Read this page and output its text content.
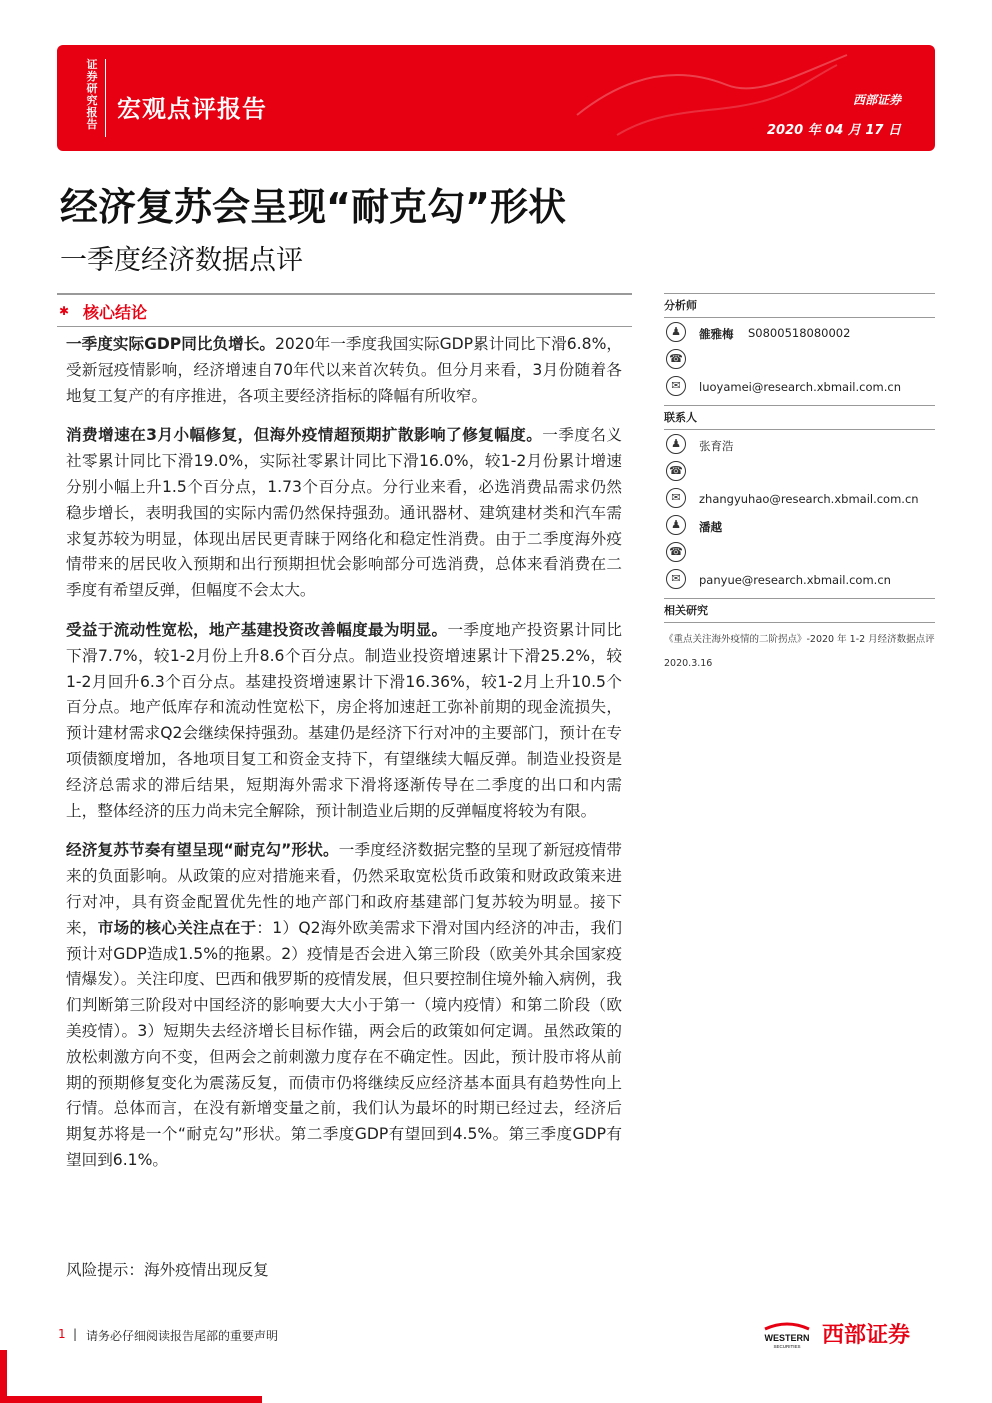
证券研究报告
宏观点评报告	西部证券
2020 年 04 月 17 日
经济复苏会呈现“耐克勾”形状
一季度经济数据点评
✱ 核心结论

一季度实际GDP同比负增长。2020年一季度我国实际GDP累计同比下滑6.8%，受新冠疫情影响，经济增速自70年代以来首次转负。但分月来看，3月份随着各地复工复产的有序推进，各项主要经济指标的降幅有所收窄。

消费增速在3月小幅修复，但海外疫情超预期扩散影响了修复幅度。一季度名义社零累计同比下滑19.0%，实际社零累计同比下滑16.0%，较1-2月份累计增速分别小幅上升1.5个百分点，1.73个百分点。分行业来看，必选消费品需求仍然稳步增长，表明我国的实际内需仍然保持强劲。通讯器材、建筑建材类和汽车需求复苏较为明显，体现出居民更青睐于网络化和稳定性消费。由于二季度海外疫情带来的居民收入预期和出行预期担忧会影响部分可选消费，总体来看消费在二季度有希望反弹，但幅度不会太大。

受益于流动性宽松，地产基建投资改善幅度最为明显。一季度地产投资累计同比下滑7.7%，较1-2月份上升8.6个百分点。制造业投资增速累计下滑25.2%，较1-2月回升6.3个百分点。基建投资增速累计下滑16.36%，较1-2月上升10.5个百分点。地产低库存和流动性宽松下，房企将加速赶工弥补前期的现金流损失，预计建材需求Q2会继续保持强劲。基建仍是经济下行对冲的主要部门，预计在专项债额度增加，各地项目复工和资金支持下，有望继续大幅反弹。制造业投资是经济总需求的滞后结果，短期海外需求下滑将逐渐传导在二季度的出口和内需上，整体经济的压力尚未完全解除，预计制造业后期的反弹幅度将较为有限。

经济复苏节奏有望呈现“耐克勾”形状。一季度经济数据完整的呈现了新冠疫情带来的负面影响。从政策的应对措施来看，仍然采取宽松货币政策和财政政策来进行对冲，具有资金配置优先性的地产部门和政府基建部门复苏较为明显。接下来，市场的核心关注点在于：1）Q2海外欧美需求下滑对国内经济的冲击，我们预计对GDP造成1.5%的拖累。2）疫情是否会进入第三阶段（欧美外其余国家疫情爆发）。关注印度、巴西和俄罗斯的疫情发展，但只要控制住境外输入病例，我们判断第三阶段对中国经济的影响要大大小于第一（境内疫情）和第二阶段（欧美疫情）。3）短期失去经济增长目标作锚，两会后的政策如何定调。虽然政策的放松刺激方向不变，但两会之前刺激力度存在不确定性。因此，预计股市将从前期的预期修复变化为震荡反复，而债市仍将继续反应经济基本面具有趋势性向上行情。总体而言，在没有新增变量之前，我们认为最坏的时期已经过去，经济后期复苏将是一个“耐克勾”形状。第二季度GDP有望回到4.5%。第三季度GDP有望回到6.1%。

风险提示：海外疫情出现反复
分析师
♟	雒雅梅 S0800518080002
☎
✉	luoyamei@research.xbmail.com.cn
联系人
♟	张育浩
☎
✉	zhangyuhao@research.xbmail.com.cn
♟	潘越
☎
✉	panyue@research.xbmail.com.cn
相关研究
《重点关注海外疫情的二阶拐点》-2020 年 1-2 月经济数据点评
2020.3.16
1 | 请务必仔细阅读报告尾部的重要声明	WESTERN
SECURITIES 西部证券
